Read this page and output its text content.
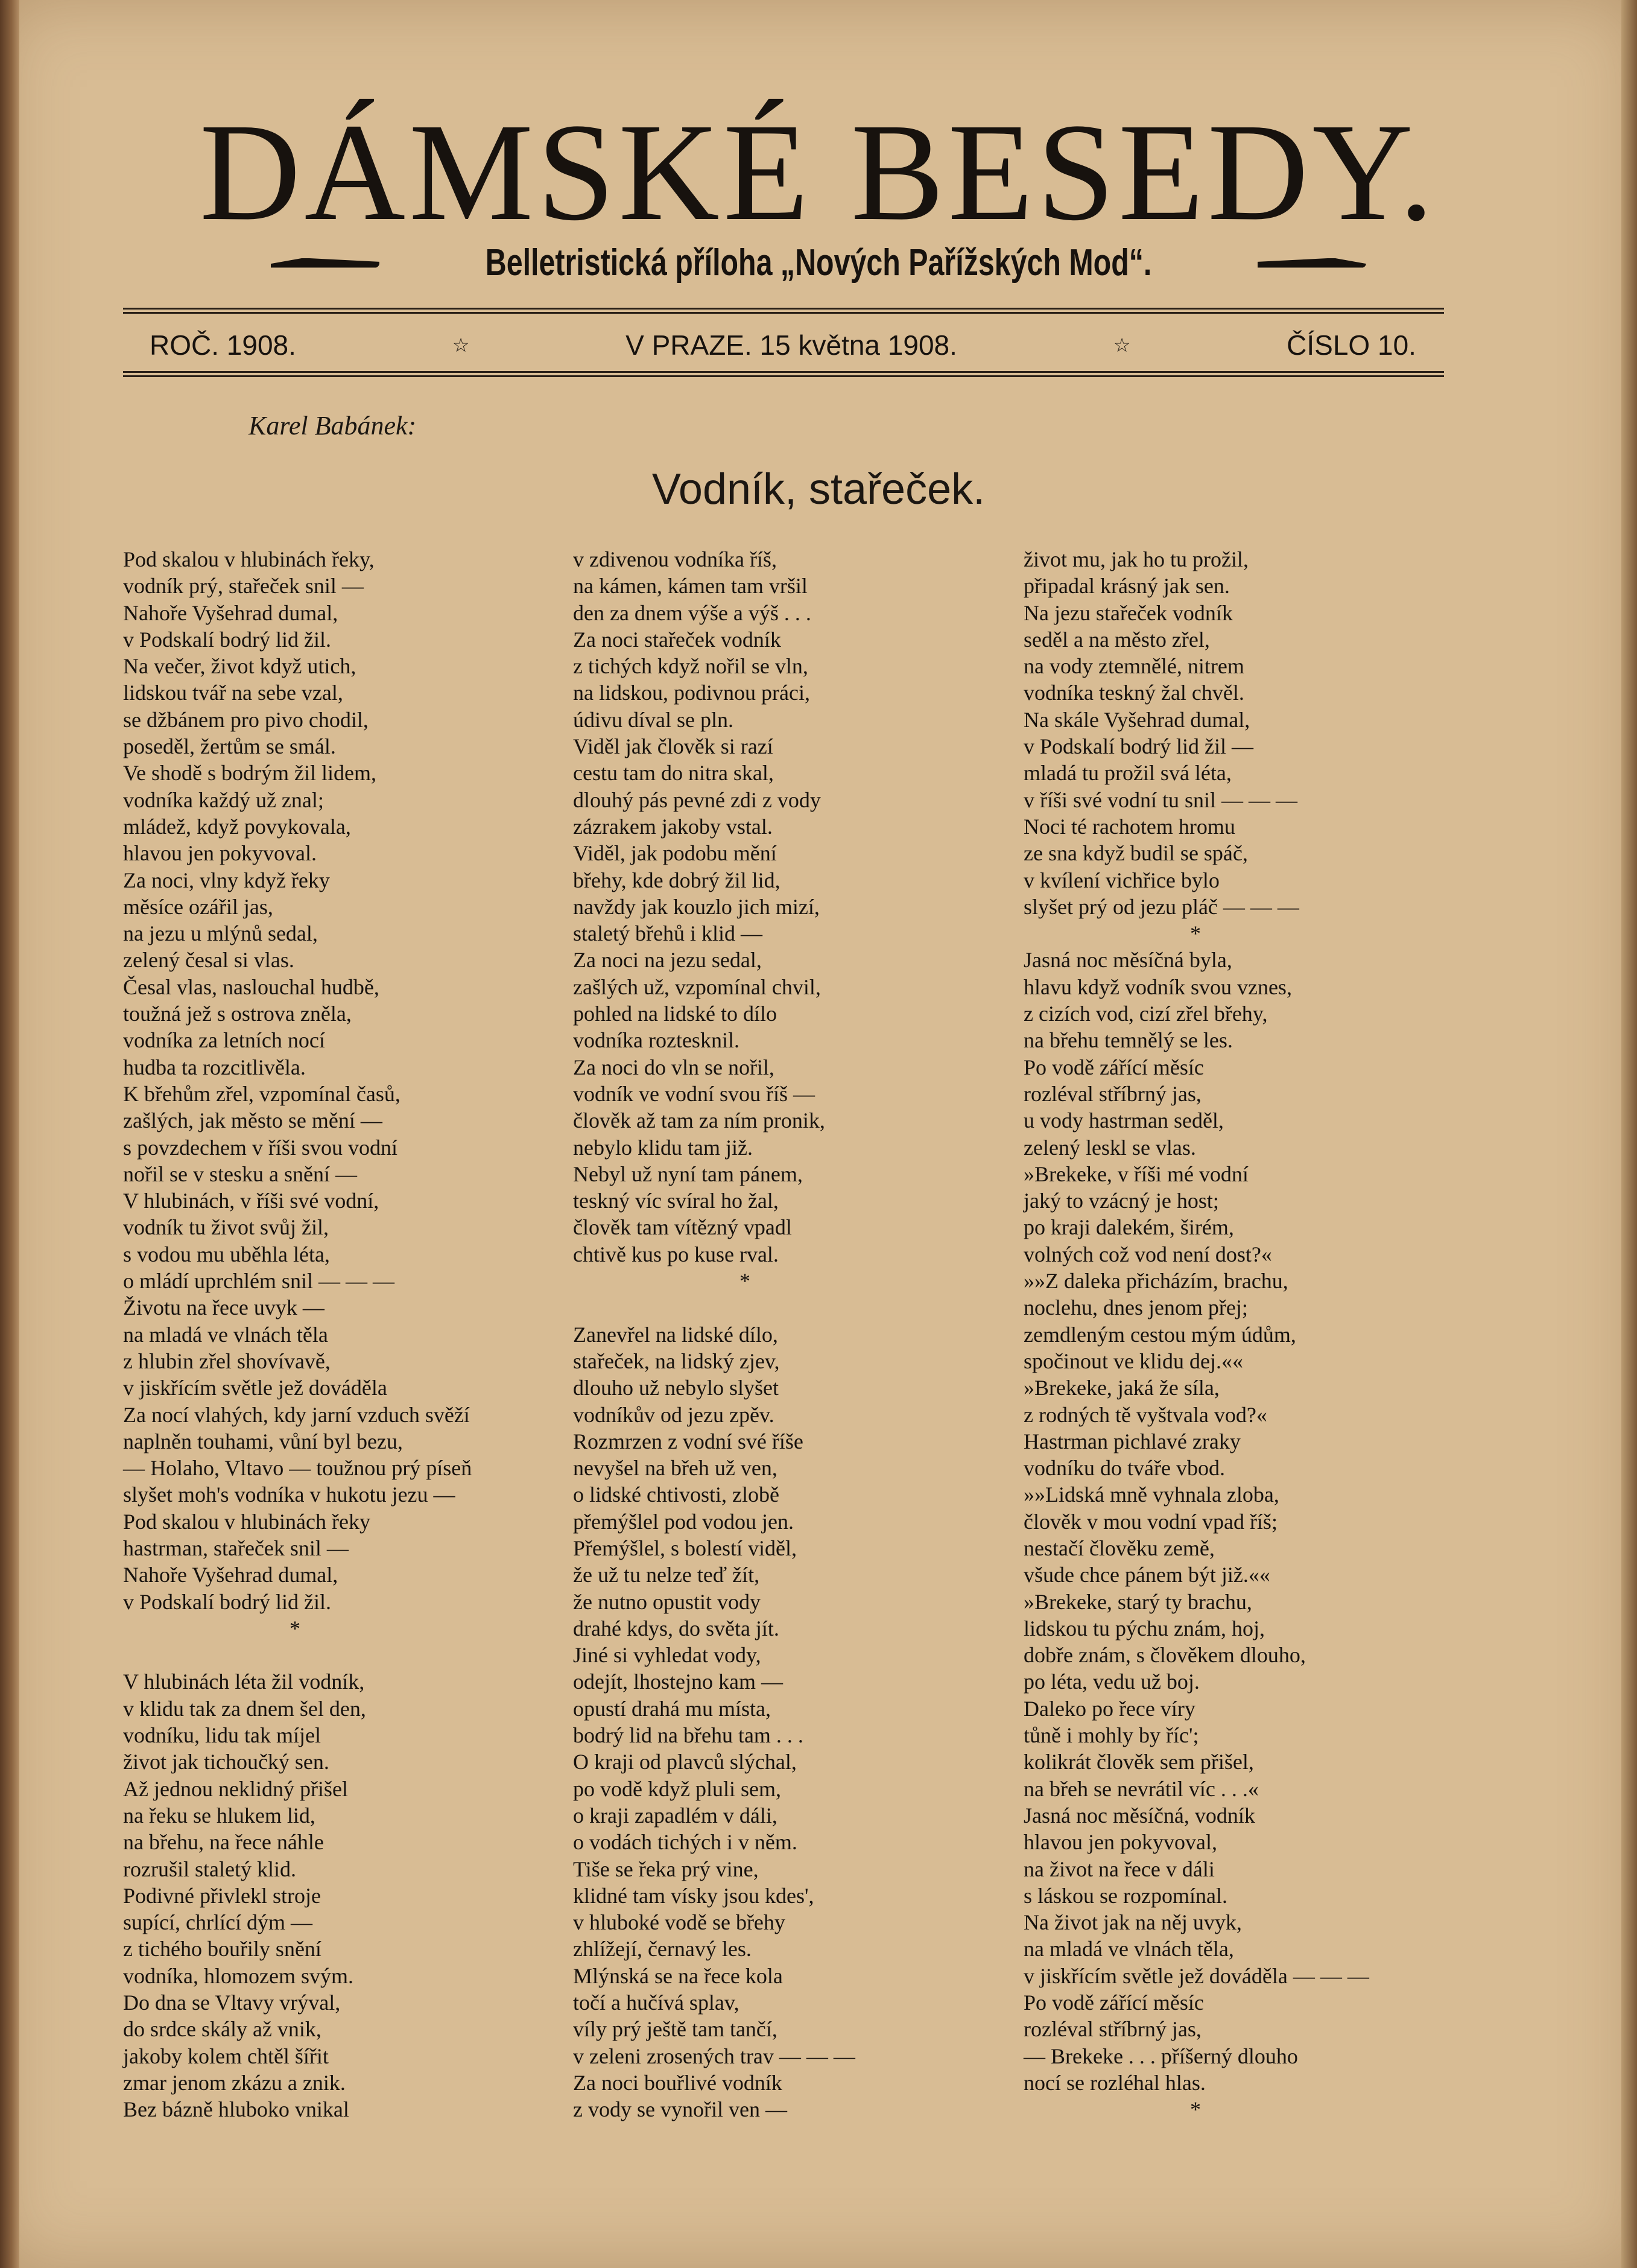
DÁMSKÉ BESEDY.
Belletristická příloha „Nových Pařížských Mod“.
ROČ. 1908.	☆	V PRAZE. 15 května 1908.	☆	ČÍSLO 10.
Karel Babánek:
Vodník, stařeček.
Pod skalou v hlubinách řeky,
vodník prý, stařeček snil —
Nahoře Vyšehrad dumal,
v Podskalí bodrý lid žil.
Na večer, život když utich,
lidskou tvář na sebe vzal,
se džbánem pro pivo chodil,
poseděl, žertům se smál.
Ve shodě s bodrým žil lidem,
vodníka každý už znal;
mládež, když povykovala,
hlavou jen pokyvoval.
Za noci, vlny když řeky
měsíce ozářil jas,
na jezu u mlýnů sedal,
zelený česal si vlas.
Česal vlas, naslouchal hudbě,
toužná jež s ostrova zněla,
vodníka za letních nocí
hudba ta rozcitlivěla.
K břehům zřel, vzpomínal časů,
zašlých, jak město se mění —
s povzdechem v říši svou vodní
nořil se v stesku a snění —
V hlubinách, v říši své vodní,
vodník tu život svůj žil,
s vodou mu uběhla léta,
o mládí uprchlém snil — — —
Životu na řece uvyk —
na mladá ve vlnách těla
z hlubin zřel shovívavě,
v jiskřícím světle jež dováděla
Za nocí vlahých, kdy jarní vzduch svěží
naplněn touhami, vůní byl bezu,
— Holaho, Vltavo — toužnou prý píseň
slyšet moh's vodníka v hukotu jezu —
Pod skalou v hlubinách řeky
hastrman, stařeček snil —
Nahoře Vyšehrad dumal,
v Podskalí bodrý lid žil.
*
V hlubinách léta žil vodník,
v klidu tak za dnem šel den,
vodníku, lidu tak míjel
život jak tichoučký sen.
Až jednou neklidný přišel
na řeku se hlukem lid,
na břehu, na řece náhle
rozrušil staletý klid.
Podivné přivlekl stroje
supící, chrlící dým —
z tichého bouřily snění
vodníka, hlomozem svým.
Do dna se Vltavy vrýval,
do srdce skály až vnik,
jakoby kolem chtěl šířit
zmar jenom zkázu a znik.
Bez bázně hluboko vnikal
v zdivenou vodníka říš,
na kámen, kámen tam vršil
den za dnem výše a výš . . .
Za noci stařeček vodník
z tichých když nořil se vln,
na lidskou, podivnou práci,
údivu díval se pln.
Viděl jak člověk si razí
cestu tam do nitra skal,
dlouhý pás pevné zdi z vody
zázrakem jakoby vstal.
Viděl, jak podobu mění
břehy, kde dobrý žil lid,
navždy jak kouzlo jich mizí,
staletý břehů i klid —
Za noci na jezu sedal,
zašlých už, vzpomínal chvil,
pohled na lidské to dílo
vodníka roztesknil.
Za noci do vln se nořil,
vodník ve vodní svou říš —
člověk až tam za ním pronik,
nebylo klidu tam již.
Nebyl už nyní tam pánem,
teskný víc svíral ho žal,
člověk tam vítězný vpadl
chtivě kus po kuse rval.
*
Zanevřel na lidské dílo,
stařeček, na lidský zjev,
dlouho už nebylo slyšet
vodníkův od jezu zpěv.
Rozmrzen z vodní své říše
nevyšel na břeh už ven,
o lidské chtivosti, zlobě
přemýšlel pod vodou jen.
Přemýšlel, s bolestí viděl,
že už tu nelze teď žít,
že nutno opustit vody
drahé kdys, do světa jít.
Jiné si vyhledat vody,
odejít, lhostejno kam —
opustí drahá mu místa,
bodrý lid na břehu tam . . .
O kraji od plavců slýchal,
po vodě když pluli sem,
o kraji zapadlém v dáli,
o vodách tichých i v něm.
Tiše se řeka prý vine,
klidné tam vísky jsou kdes',
v hluboké vodě se břehy
zhlížejí, černavý les.
Mlýnská se na řece kola
točí a hučívá splav,
víly prý ještě tam tančí,
v zeleni zrosených trav — — —
Za noci bouřlivé vodník
z vody se vynořil ven —
život mu, jak ho tu prožil,
připadal krásný jak sen.
Na jezu stařeček vodník
seděl a na město zřel,
na vody ztemnělé, nitrem
vodníka teskný žal chvěl.
Na skále Vyšehrad dumal,
v Podskalí bodrý lid žil —
mladá tu prožil svá léta,
v říši své vodní tu snil — — —
Noci té rachotem hromu
ze sna když budil se spáč,
v kvílení vichřice bylo
slyšet prý od jezu pláč — — —
*
Jasná noc měsíčná byla,
hlavu když vodník svou vznes,
z cizích vod, cizí zřel břehy,
na břehu temnělý se les.
Po vodě zářící měsíc
rozléval stříbrný jas,
u vody hastrman seděl,
zelený leskl se vlas.
»Brekeke, v říši mé vodní
jaký to vzácný je host;
po kraji dalekém, širém,
volných což vod není dost?«
»»Z daleka přicházím, brachu,
noclehu, dnes jenom přej;
zemdleným cestou mým údům,
spočinout ve klidu dej.««
»Brekeke, jaká že síla,
z rodných tě vyštvala vod?«
Hastrman pichlavé zraky
vodníku do tváře vbod.
»»Lidská mně vyhnala zloba,
člověk v mou vodní vpad říš;
nestačí člověku země,
všude chce pánem být již.««
»Brekeke, starý ty brachu,
lidskou tu pýchu znám, hoj,
dobře znám, s člověkem dlouho,
po léta, vedu už boj.
Daleko po řece víry
tůně i mohly by říc';
kolikrát člověk sem přišel,
na břeh se nevrátil víc . . .«
Jasná noc měsíčná, vodník
hlavou jen pokyvoval,
na život na řece v dáli
s láskou se rozpomínal.
Na život jak na něj uvyk,
na mladá ve vlnách těla,
v jiskřícím světle jež dováděla — — —
Po vodě zářící měsíc
rozléval stříbrný jas,
— Brekeke . . . příšerný dlouho
nocí se rozléhal hlas.
*
